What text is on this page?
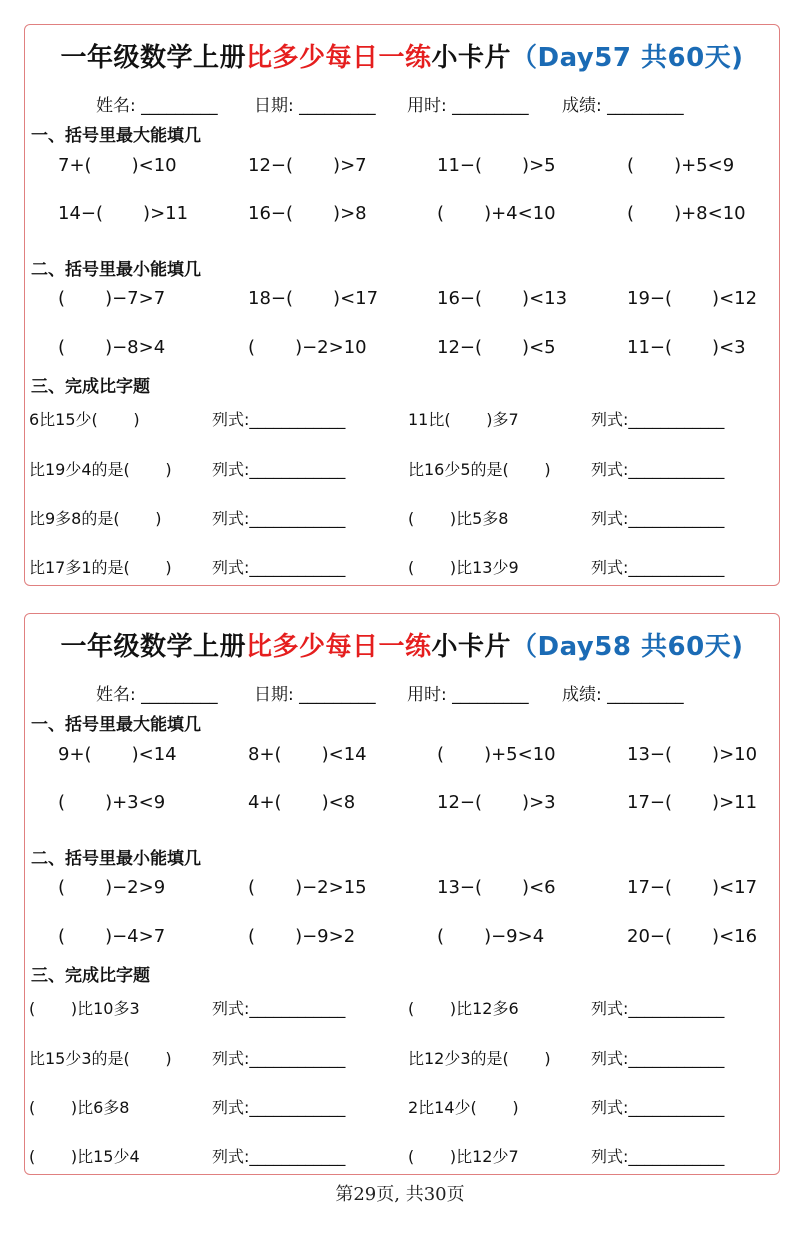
一年级数学上册比多少每日一练小卡片（Day57 共60天)
姓名: _________ 日期: _________ 用时: _________ 成绩: _________
一、括号里最大能填几
7+(       )<10	12−(       )>7	11−(       )>5	(       )+5<9
14−(       )>11	16−(       )>8	(       )+4<10	(       )+8<10
二、括号里最小能填几
(       )−7>7	18−(       )<17	16−(       )<13	19−(       )<12
(       )−8>4	(       )−2>10	12−(       )<5	11−(       )<3
三、完成比字题
6比15少(       )	列式:____________	11比(       )多7	列式:____________
比19少4的是(       )	列式:____________	比16少5的是(       )	列式:____________
比9多8的是(       )	列式:____________	(       )比5多8	列式:____________
比17多1的是(       )	列式:____________	(       )比13少9	列式:____________
一年级数学上册比多少每日一练小卡片（Day58 共60天)
姓名: _________ 日期: _________ 用时: _________ 成绩: _________
一、括号里最大能填几
9+(       )<14	8+(       )<14	(       )+5<10	13−(       )>10
(       )+3<9	4+(       )<8	12−(       )>3	17−(       )>11
二、括号里最小能填几
(       )−2>9	(       )−2>15	13−(       )<6	17−(       )<17
(       )−4>7	(       )−9>2	(       )−9>4	20−(       )<16
三、完成比字题
(       )比10多3	列式:____________	(       )比12多6	列式:____________
比15少3的是(       )	列式:____________	比12少3的是(       )	列式:____________
(       )比6多8	列式:____________	2比14少(       )	列式:____________
(       )比15少4	列式:____________	(       )比12少7	列式:____________
第29页, 共30页
